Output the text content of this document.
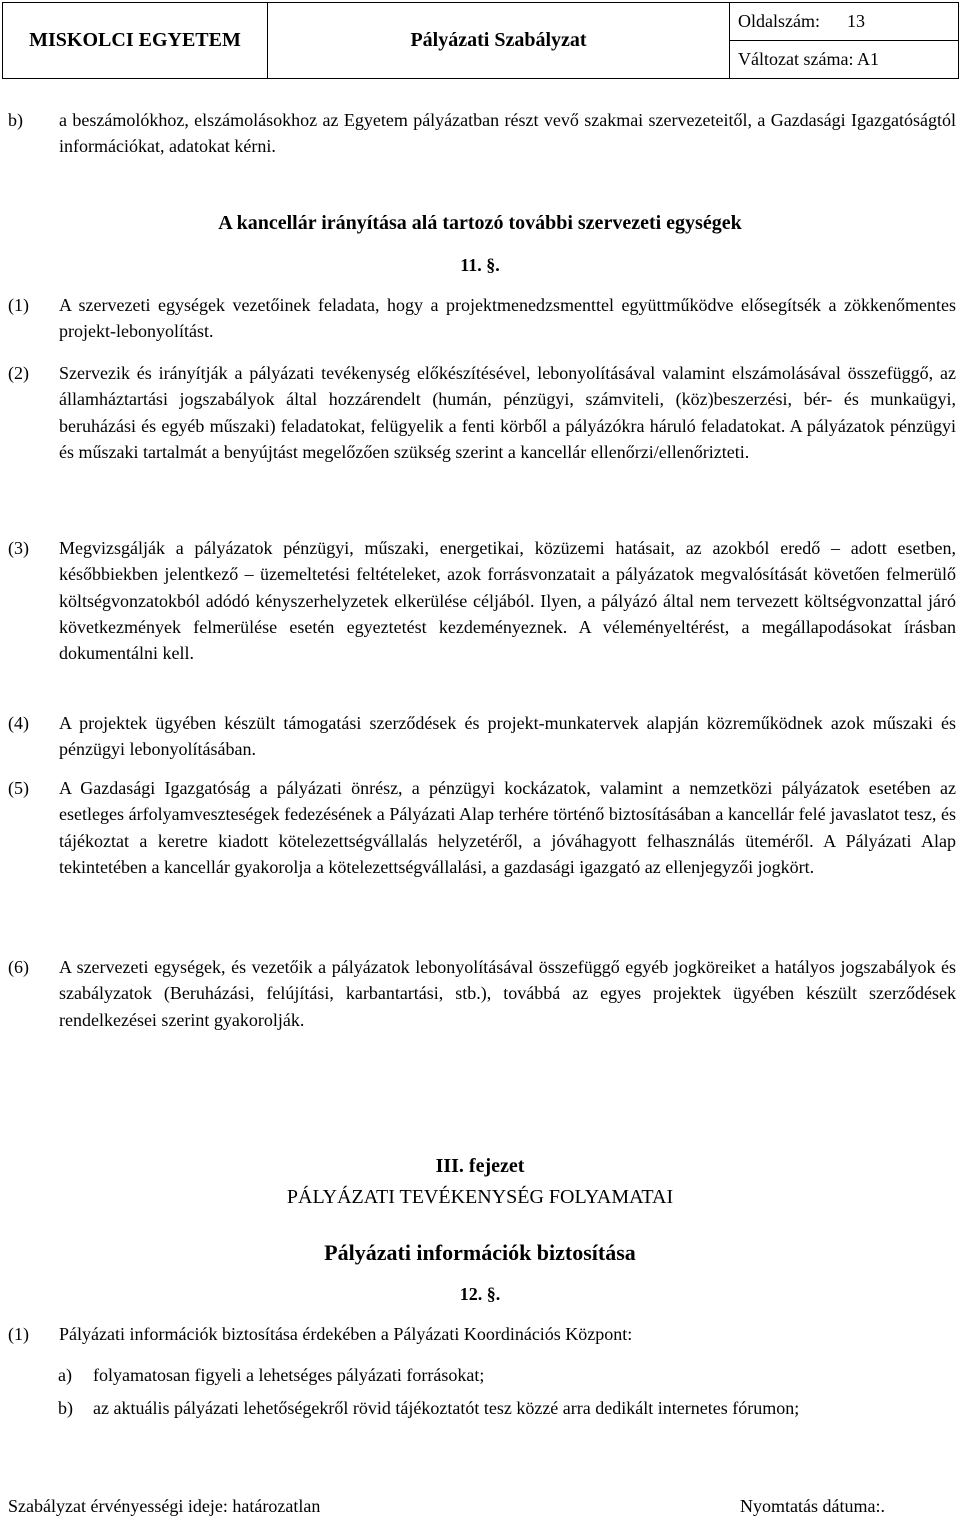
MISKOLCI EGYETEM	Pályázati Szabályzat	Oldalszám: 13
Változat száma: A1
b) a beszámolókhoz, elszámolásokhoz az Egyetem pályázatban részt vevő szakmai szervezeteitől, a Gazdasági Igazgatóságtól információkat, adatokat kérni.
A kancellár irányítása alá tartozó további szervezeti egységek
11. §.
(1) A szervezeti egységek vezetőinek feladata, hogy a projektmenedzsmenttel együttműködve elősegítsék a zökkenőmentes projekt-lebonyolítást.
(2) Szervezik és irányítják a pályázati tevékenység előkészítésével, lebonyolításával valamint elszámolásával összefüggő, az államháztartási jogszabályok által hozzárendelt (humán, pénzügyi, számviteli, (köz)beszerzési, bér- és munkaügyi, beruházási és egyéb műszaki) feladatokat, felügyelik a fenti körből a pályázókra háruló feladatokat. A pályázatok pénzügyi és műszaki tartalmát a benyújtást megelőzően szükség szerint a kancellár ellenőrzi/ellenőrizteti.
(3) Megvizsgálják a pályázatok pénzügyi, műszaki, energetikai, közüzemi hatásait, az azokból eredő – adott esetben, későbbiekben jelentkező – üzemeltetési feltételeket, azok forrásvonzatait a pályázatok megvalósítását követően felmerülő költségvonzatokból adódó kényszerhelyzetek elkerülése céljából. Ilyen, a pályázó által nem tervezett költségvonzattal járó következmények felmerülése esetén egyeztetést kezdeményeznek. A véleményeltérést, a megállapodásokat írásban dokumentálni kell.
(4) A projektek ügyében készült támogatási szerződések és projekt-munkatervek alapján közreműködnek azok műszaki és pénzügyi lebonyolításában.
(5) A Gazdasági Igazgatóság a pályázati önrész, a pénzügyi kockázatok, valamint a nemzetközi pályázatok esetében az esetleges árfolyamveszteségek fedezésének a Pályázati Alap terhére történő biztosításában a kancellár felé javaslatot tesz, és tájékoztat a keretre kiadott kötelezettségvállalás helyzetéről, a jóváhagyott felhasználás üteméről. A Pályázati Alap tekintetében a kancellár gyakorolja a kötelezettségvállalási, a gazdasági igazgató az ellenjegyzői jogkört.
(6) A szervezeti egységek, és vezetőik a pályázatok lebonyolításával összefüggő egyéb jogköreiket a hatályos jogszabályok és szabályzatok (Beruházási, felújítási, karbantartási, stb.), továbbá az egyes projektek ügyében készült szerződések rendelkezései szerint gyakorolják.
III. fejezet
PÁLYÁZATI TEVÉKENYSÉG FOLYAMATAI
Pályázati információk biztosítása
12. §.
(1) Pályázati információk biztosítása érdekében a Pályázati Koordinációs Központ:
a) folyamatosan figyeli a lehetséges pályázati forrásokat;
b) az aktuális pályázati lehetőségekről rövid tájékoztatót tesz közzé arra dedikált internetes fórumon;
Szabályzat érvényességi ideje: határozatlan	Nyomtatás dátuma:.
